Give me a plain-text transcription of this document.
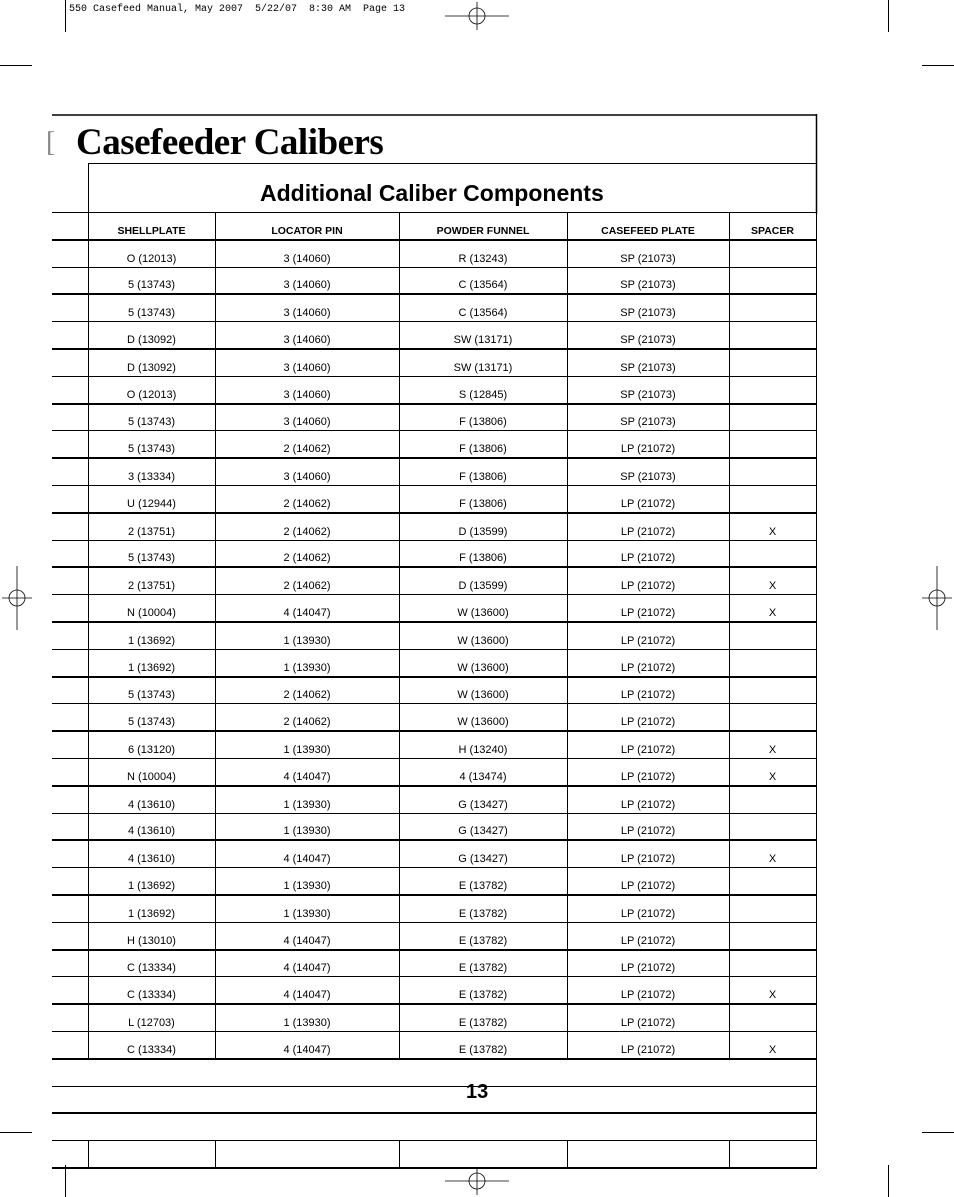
550 Casefeed Manual, May 2007  5/22/07  8:30 AM  Page 13
[ Casefeeder Calibers
Additional Caliber Components
	SHELLPLATE	LOCATOR PIN	POWDER FUNNEL	CASEFEED PLATE	SPACER
	O (12013)	3 (14060)	R (13243)	SP (21073)	
	5 (13743)	3 (14060)	C (13564)	SP (21073)	
	5 (13743)	3 (14060)	C (13564)	SP (21073)	
	D (13092)	3 (14060)	SW (13171)	SP (21073)	
	D (13092)	3 (14060)	SW (13171)	SP (21073)	
	O (12013)	3 (14060)	S (12845)	SP (21073)	
	5 (13743)	3 (14060)	F (13806)	SP (21073)	
	5 (13743)	2 (14062)	F (13806)	LP (21072)	
	3 (13334)	3 (14060)	F (13806)	SP (21073)	
	U (12944)	2 (14062)	F (13806)	LP (21072)	
	2 (13751)	2 (14062)	D (13599)	LP (21072)	X
	5 (13743)	2 (14062)	F (13806)	LP (21072)	
	2 (13751)	2 (14062)	D (13599)	LP (21072)	X
	N (10004)	4 (14047)	W (13600)	LP (21072)	X
	1 (13692)	1 (13930)	W (13600)	LP (21072)	
	1 (13692)	1 (13930)	W (13600)	LP (21072)	
	5 (13743)	2 (14062)	W (13600)	LP (21072)	
	5 (13743)	2 (14062)	W (13600)	LP (21072)	
	6 (13120)	1 (13930)	H (13240)	LP (21072)	X
	N (10004)	4 (14047)	4 (13474)	LP (21072)	X
	4 (13610)	1 (13930)	G (13427)	LP (21072)	
	4 (13610)	1 (13930)	G (13427)	LP (21072)	
	4 (13610)	4 (14047)	G (13427)	LP (21072)	X
	1 (13692)	1 (13930)	E (13782)	LP (21072)	
	1 (13692)	1 (13930)	E (13782)	LP (21072)	
	H (13010)	4 (14047)	E (13782)	LP (21072)	
	C (13334)	4 (14047)	E (13782)	LP (21072)	
	C (13334)	4 (14047)	E (13782)	LP (21072)	X
	L (12703)	1 (13930)	E (13782)	LP (21072)	
	C (13334)	4 (14047)	E (13782)	LP (21072)	X

13
